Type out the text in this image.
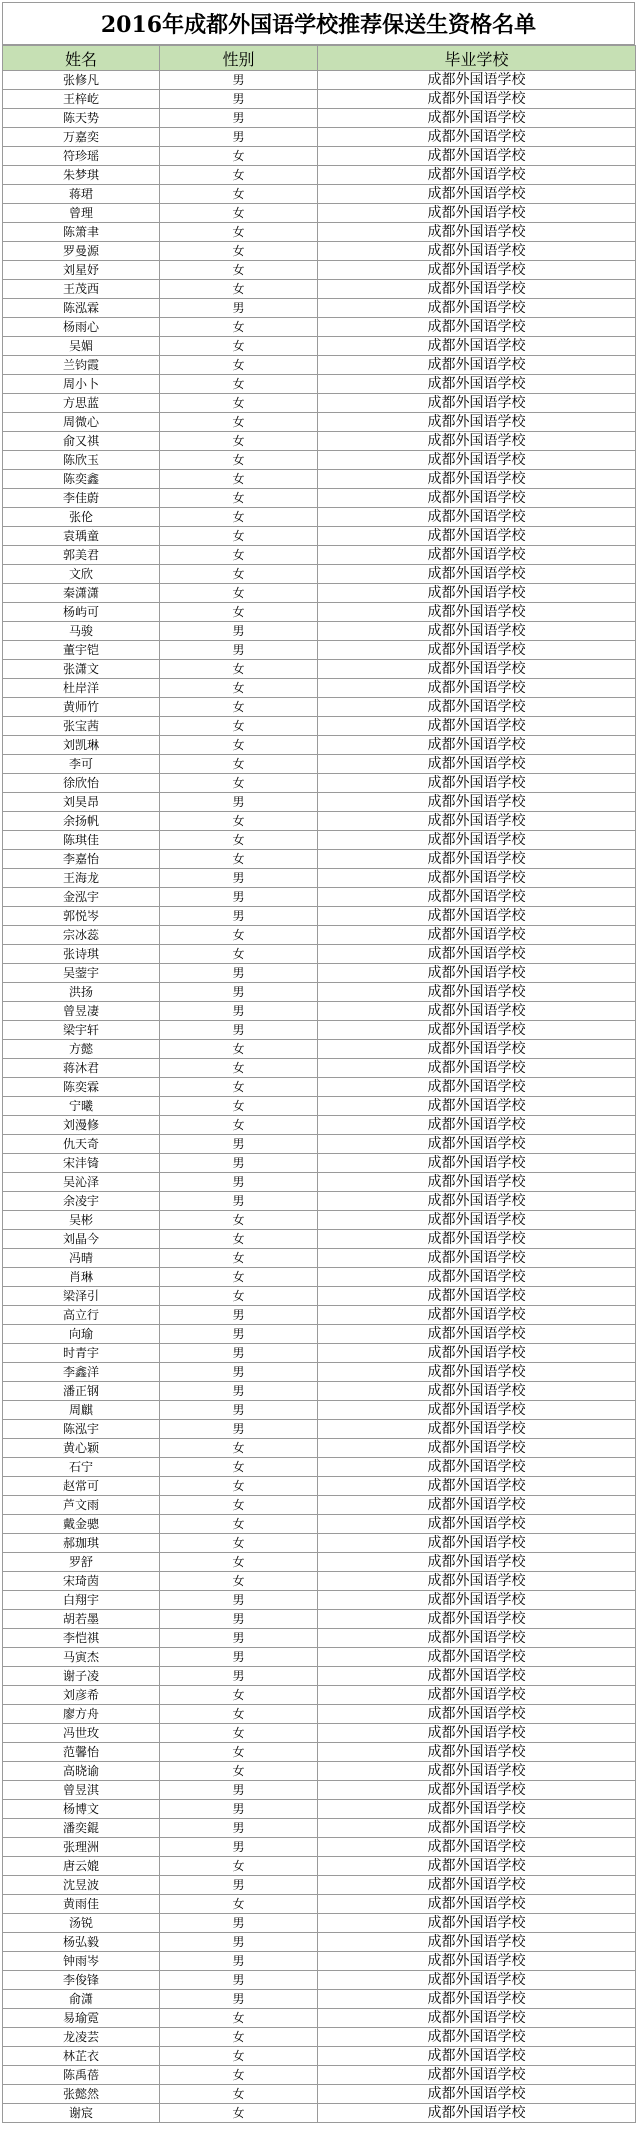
2016年成都外国语学校推荐保送生资格名单
姓名	性别	毕业学校
张修凡	男	成都外国语学校
王梓屹	男	成都外国语学校
陈天势	男	成都外国语学校
万嘉奕	男	成都外国语学校
符珍瑶	女	成都外国语学校
朱梦琪	女	成都外国语学校
蒋珺	女	成都外国语学校
曾理	女	成都外国语学校
陈箫聿	女	成都外国语学校
罗曼源	女	成都外国语学校
刘星妤	女	成都外国语学校
王茂西	女	成都外国语学校
陈泓霖	男	成都外国语学校
杨雨心	女	成都外国语学校
吴媚	女	成都外国语学校
兰钧霞	女	成都外国语学校
周小卜	女	成都外国语学校
方思蓝	女	成都外国语学校
周微心	女	成都外国语学校
俞又祺	女	成都外国语学校
陈欣玉	女	成都外国语学校
陈奕鑫	女	成都外国语学校
李佳蔚	女	成都外国语学校
张伦	女	成都外国语学校
袁瑀童	女	成都外国语学校
郭美君	女	成都外国语学校
文欣	女	成都外国语学校
秦潇潇	女	成都外国语学校
杨屿可	女	成都外国语学校
马骏	男	成都外国语学校
董宇铠	男	成都外国语学校
张潇文	女	成都外国语学校
杜岸洋	女	成都外国语学校
黄师竹	女	成都外国语学校
张宝茜	女	成都外国语学校
刘凯琳	女	成都外国语学校
李可	女	成都外国语学校
徐欣怡	女	成都外国语学校
刘昊昂	男	成都外国语学校
余扬帆	女	成都外国语学校
陈琪佳	女	成都外国语学校
李嘉怡	女	成都外国语学校
王海龙	男	成都外国语学校
金泓宇	男	成都外国语学校
郭悦岑	男	成都外国语学校
宗冰蕊	女	成都外国语学校
张诗琪	女	成都外国语学校
吴蓥宇	男	成都外国语学校
洪扬	男	成都外国语学校
曾昱凄	男	成都外国语学校
梁宇轩	男	成都外国语学校
方懿	女	成都外国语学校
蒋沐君	女	成都外国语学校
陈奕霖	女	成都外国语学校
宁曦	女	成都外国语学校
刘漫修	女	成都外国语学校
仇天奇	男	成都外国语学校
宋沣锜	男	成都外国语学校
吴沁泽	男	成都外国语学校
余凌宇	男	成都外国语学校
吴彬	女	成都外国语学校
刘晶今	女	成都外国语学校
冯晴	女	成都外国语学校
肖琳	女	成都外国语学校
梁泽引	女	成都外国语学校
高立行	男	成都外国语学校
向瑜	男	成都外国语学校
时青宇	男	成都外国语学校
李鑫洋	男	成都外国语学校
潘正钢	男	成都外国语学校
周麒	男	成都外国语学校
陈泓宇	男	成都外国语学校
黄心颖	女	成都外国语学校
石宁	女	成都外国语学校
赵常可	女	成都外国语学校
芦文雨	女	成都外国语学校
戴金骢	女	成都外国语学校
郝珈琪	女	成都外国语学校
罗舒	女	成都外国语学校
宋琦茵	女	成都外国语学校
白翔宇	男	成都外国语学校
胡若墨	男	成都外国语学校
李恺祺	男	成都外国语学校
马寅杰	男	成都外国语学校
谢子凌	男	成都外国语学校
刘彦希	女	成都外国语学校
廖方舟	女	成都外国语学校
冯世玫	女	成都外国语学校
范馨怡	女	成都外国语学校
高晓谕	女	成都外国语学校
曾昱淇	男	成都外国语学校
杨博文	男	成都外国语学校
潘奕錕	男	成都外国语学校
张理洲	男	成都外国语学校
唐云媲	女	成都外国语学校
沈昱波	男	成都外国语学校
黄雨佳	女	成都外国语学校
汤锐	男	成都外国语学校
杨弘毅	男	成都外国语学校
钟雨岑	男	成都外国语学校
李俊锋	男	成都外国语学校
俞潇	男	成都外国语学校
易瑜霓	女	成都外国语学校
龙凌芸	女	成都外国语学校
林芷衣	女	成都外国语学校
陈禹蓓	女	成都外国语学校
张懿然	女	成都外国语学校
谢宸	女	成都外国语学校
